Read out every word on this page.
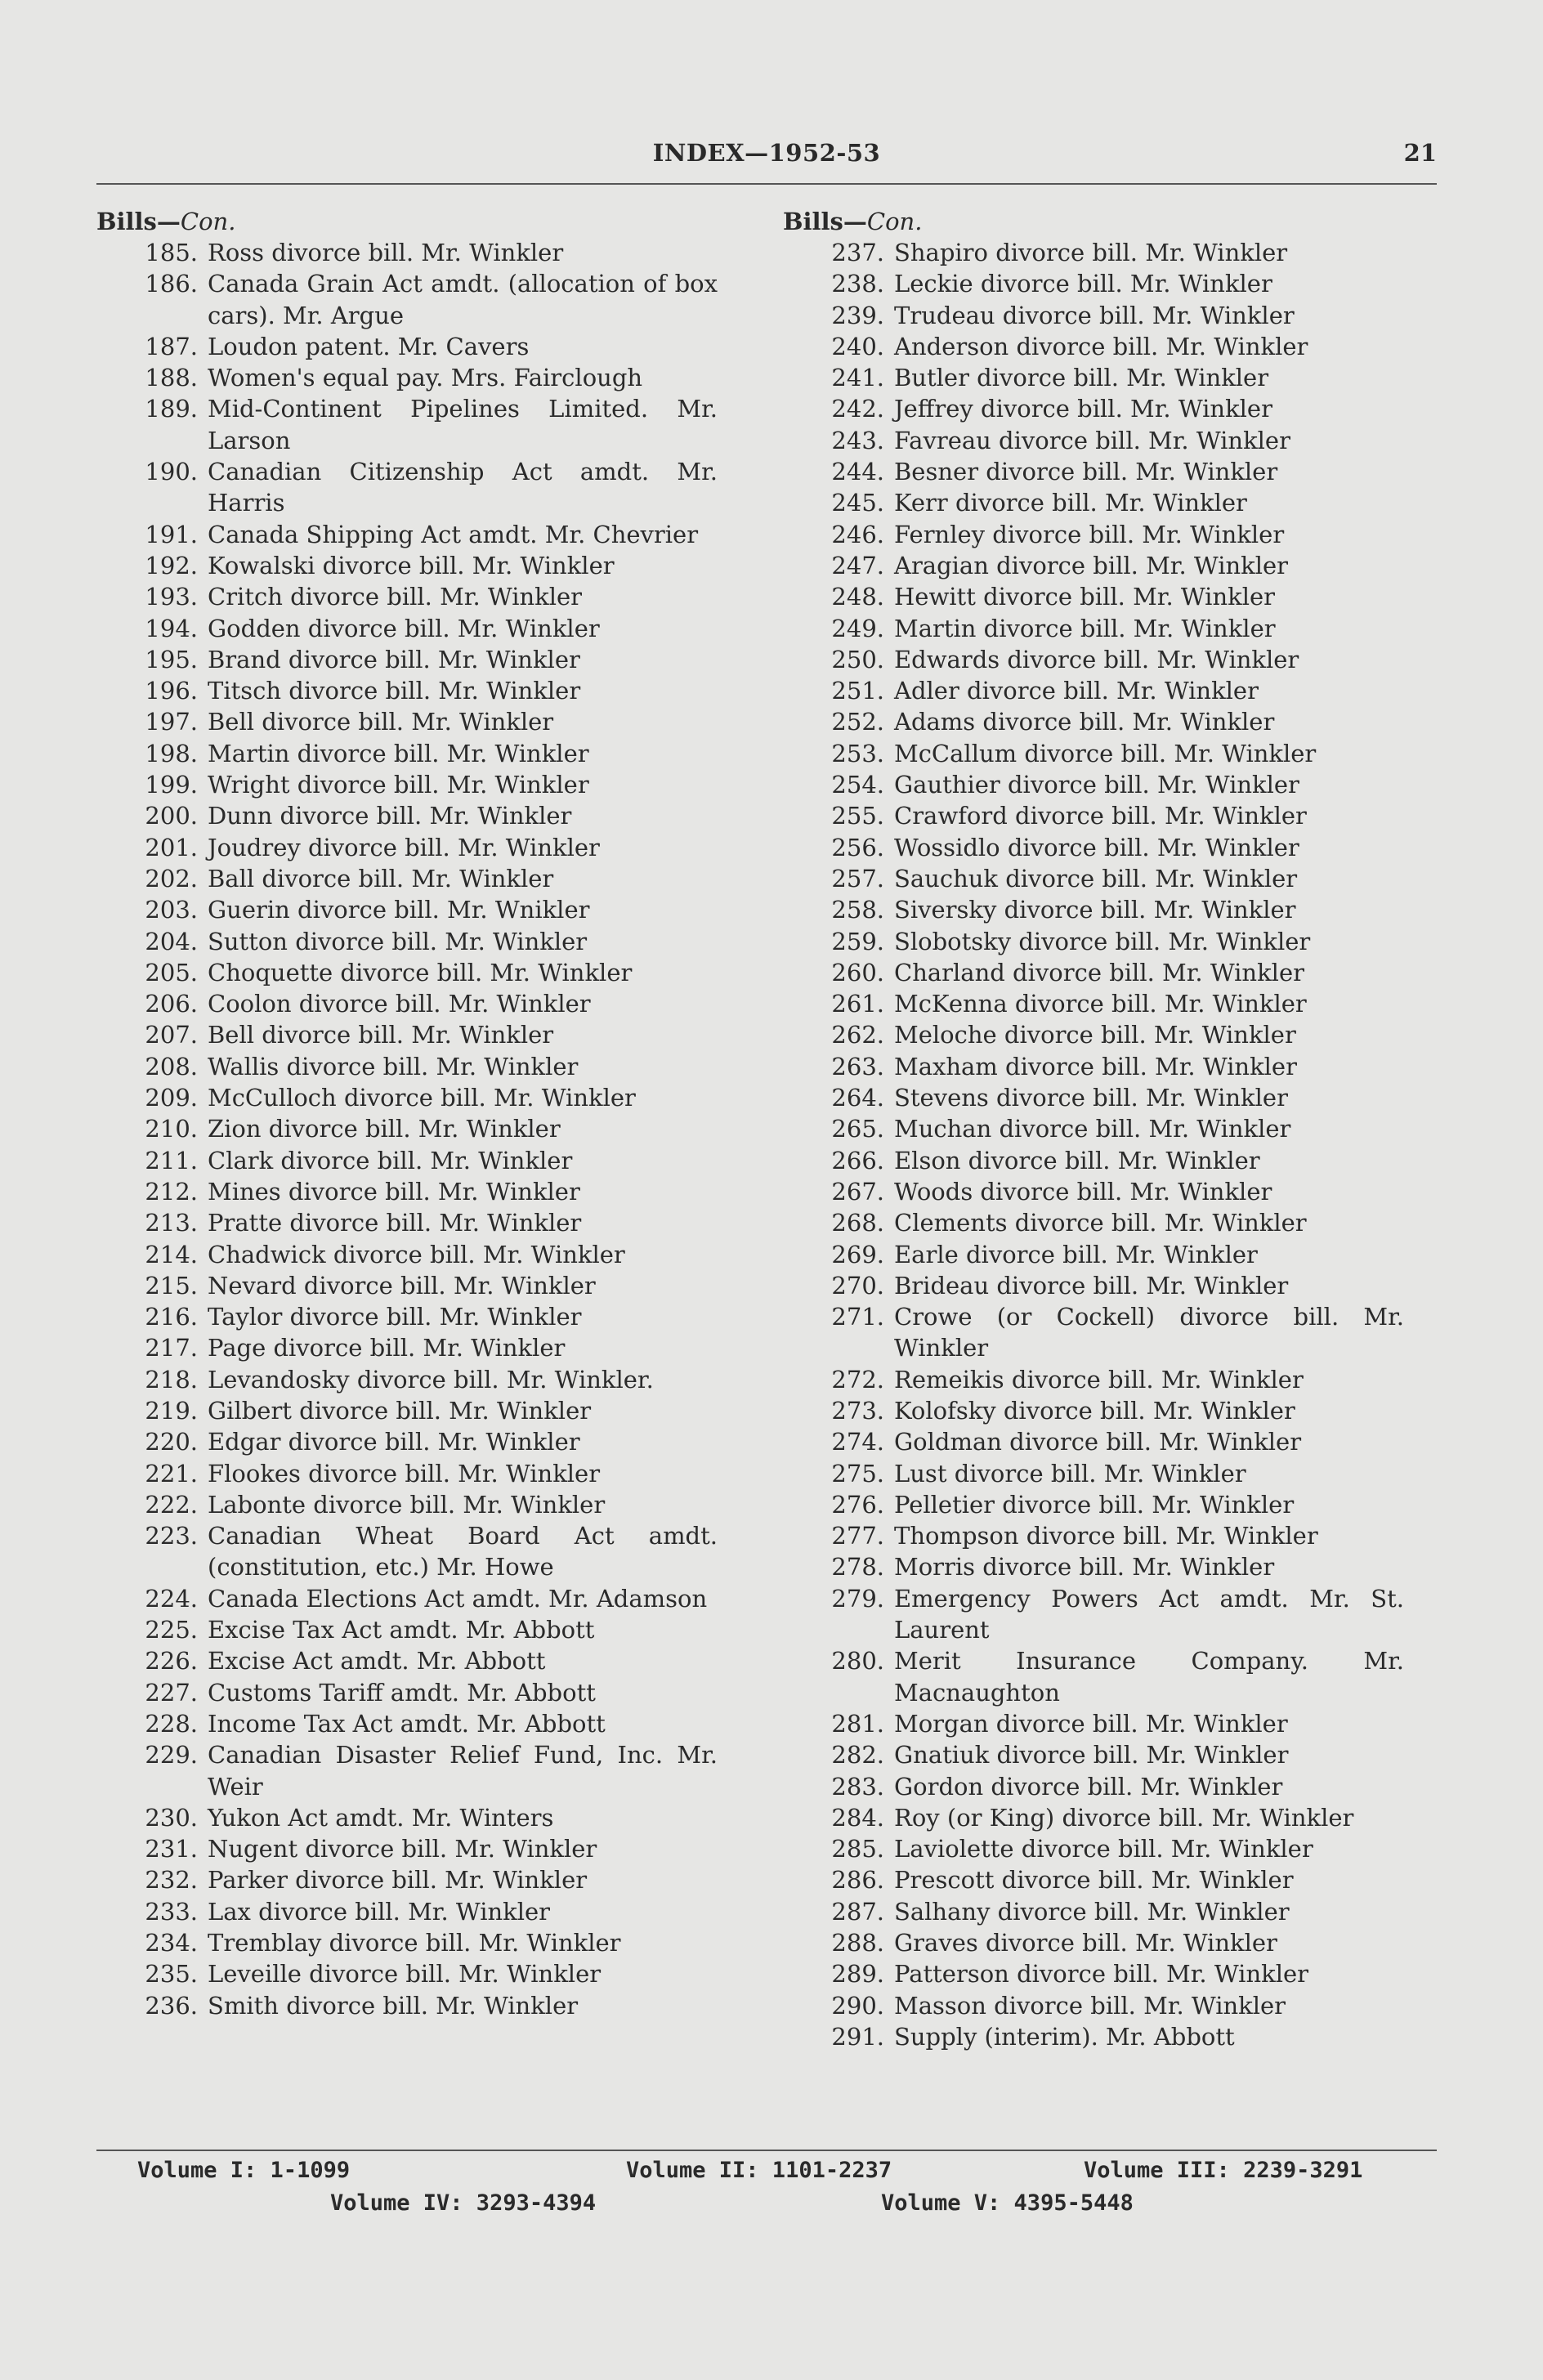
INDEX—1952-53	21
Bills—Con.
185. Ross divorce bill. Mr. Winkler
186. Canada Grain Act amdt. (allocation of box cars). Mr. Argue
187. Loudon patent. Mr. Cavers
188. Women's equal pay. Mrs. Fairclough
189. Mid-Continent Pipelines Limited. Mr. Larson
190. Canadian Citizenship Act amdt. Mr. Harris
191. Canada Shipping Act amdt. Mr. Chevrier
192. Kowalski divorce bill. Mr. Winkler
193. Critch divorce bill. Mr. Winkler
194. Godden divorce bill. Mr. Winkler
195. Brand divorce bill. Mr. Winkler
196. Titsch divorce bill. Mr. Winkler
197. Bell divorce bill. Mr. Winkler
198. Martin divorce bill. Mr. Winkler
199. Wright divorce bill. Mr. Winkler
200. Dunn divorce bill. Mr. Winkler
201. Joudrey divorce bill. Mr. Winkler
202. Ball divorce bill. Mr. Winkler
203. Guerin divorce bill. Mr. Wnikler
204. Sutton divorce bill. Mr. Winkler
205. Choquette divorce bill. Mr. Winkler
206. Coolon divorce bill. Mr. Winkler
207. Bell divorce bill. Mr. Winkler
208. Wallis divorce bill. Mr. Winkler
209. McCulloch divorce bill. Mr. Winkler
210. Zion divorce bill. Mr. Winkler
211. Clark divorce bill. Mr. Winkler
212. Mines divorce bill. Mr. Winkler
213. Pratte divorce bill. Mr. Winkler
214. Chadwick divorce bill. Mr. Winkler
215. Nevard divorce bill. Mr. Winkler
216. Taylor divorce bill. Mr. Winkler
217. Page divorce bill. Mr. Winkler
218. Levandosky divorce bill. Mr. Winkler.
219. Gilbert divorce bill. Mr. Winkler
220. Edgar divorce bill. Mr. Winkler
221. Flookes divorce bill. Mr. Winkler
222. Labonte divorce bill. Mr. Winkler
223. Canadian Wheat Board Act amdt. (constitution, etc.) Mr. Howe
224. Canada Elections Act amdt. Mr. Adamson
225. Excise Tax Act amdt. Mr. Abbott
226. Excise Act amdt. Mr. Abbott
227. Customs Tariff amdt. Mr. Abbott
228. Income Tax Act amdt. Mr. Abbott
229. Canadian Disaster Relief Fund, Inc. Mr. Weir
230. Yukon Act amdt. Mr. Winters
231. Nugent divorce bill. Mr. Winkler
232. Parker divorce bill. Mr. Winkler
233. Lax divorce bill. Mr. Winkler
234. Tremblay divorce bill. Mr. Winkler
235. Leveille divorce bill. Mr. Winkler
236. Smith divorce bill. Mr. Winkler
Bills—Con.
237. Shapiro divorce bill. Mr. Winkler
238. Leckie divorce bill. Mr. Winkler
239. Trudeau divorce bill. Mr. Winkler
240. Anderson divorce bill. Mr. Winkler
241. Butler divorce bill. Mr. Winkler
242. Jeffrey divorce bill. Mr. Winkler
243. Favreau divorce bill. Mr. Winkler
244. Besner divorce bill. Mr. Winkler
245. Kerr divorce bill. Mr. Winkler
246. Fernley divorce bill. Mr. Winkler
247. Aragian divorce bill. Mr. Winkler
248. Hewitt divorce bill. Mr. Winkler
249. Martin divorce bill. Mr. Winkler
250. Edwards divorce bill. Mr. Winkler
251. Adler divorce bill. Mr. Winkler
252. Adams divorce bill. Mr. Winkler
253. McCallum divorce bill. Mr. Winkler
254. Gauthier divorce bill. Mr. Winkler
255. Crawford divorce bill. Mr. Winkler
256. Wossidlo divorce bill. Mr. Winkler
257. Sauchuk divorce bill. Mr. Winkler
258. Siversky divorce bill. Mr. Winkler
259. Slobotsky divorce bill. Mr. Winkler
260. Charland divorce bill. Mr. Winkler
261. McKenna divorce bill. Mr. Winkler
262. Meloche divorce bill. Mr. Winkler
263. Maxham divorce bill. Mr. Winkler
264. Stevens divorce bill. Mr. Winkler
265. Muchan divorce bill. Mr. Winkler
266. Elson divorce bill. Mr. Winkler
267. Woods divorce bill. Mr. Winkler
268. Clements divorce bill. Mr. Winkler
269. Earle divorce bill. Mr. Winkler
270. Brideau divorce bill. Mr. Winkler
271. Crowe (or Cockell) divorce bill. Mr. Winkler
272. Remeikis divorce bill. Mr. Winkler
273. Kolofsky divorce bill. Mr. Winkler
274. Goldman divorce bill. Mr. Winkler
275. Lust divorce bill. Mr. Winkler
276. Pelletier divorce bill. Mr. Winkler
277. Thompson divorce bill. Mr. Winkler
278. Morris divorce bill. Mr. Winkler
279. Emergency Powers Act amdt. Mr. St. Laurent
280. Merit Insurance Company. Mr. Macnaughton
281. Morgan divorce bill. Mr. Winkler
282. Gnatiuk divorce bill. Mr. Winkler
283. Gordon divorce bill. Mr. Winkler
284. Roy (or King) divorce bill. Mr. Winkler
285. Laviolette divorce bill. Mr. Winkler
286. Prescott divorce bill. Mr. Winkler
287. Salhany divorce bill. Mr. Winkler
288. Graves divorce bill. Mr. Winkler
289. Patterson divorce bill. Mr. Winkler
290. Masson divorce bill. Mr. Winkler
291. Supply (interim). Mr. Abbott
Volume I: 1-1099	Volume II: 1101-2237	Volume III: 2239-3291
Volume IV: 3293-4394	Volume V: 4395-5448
